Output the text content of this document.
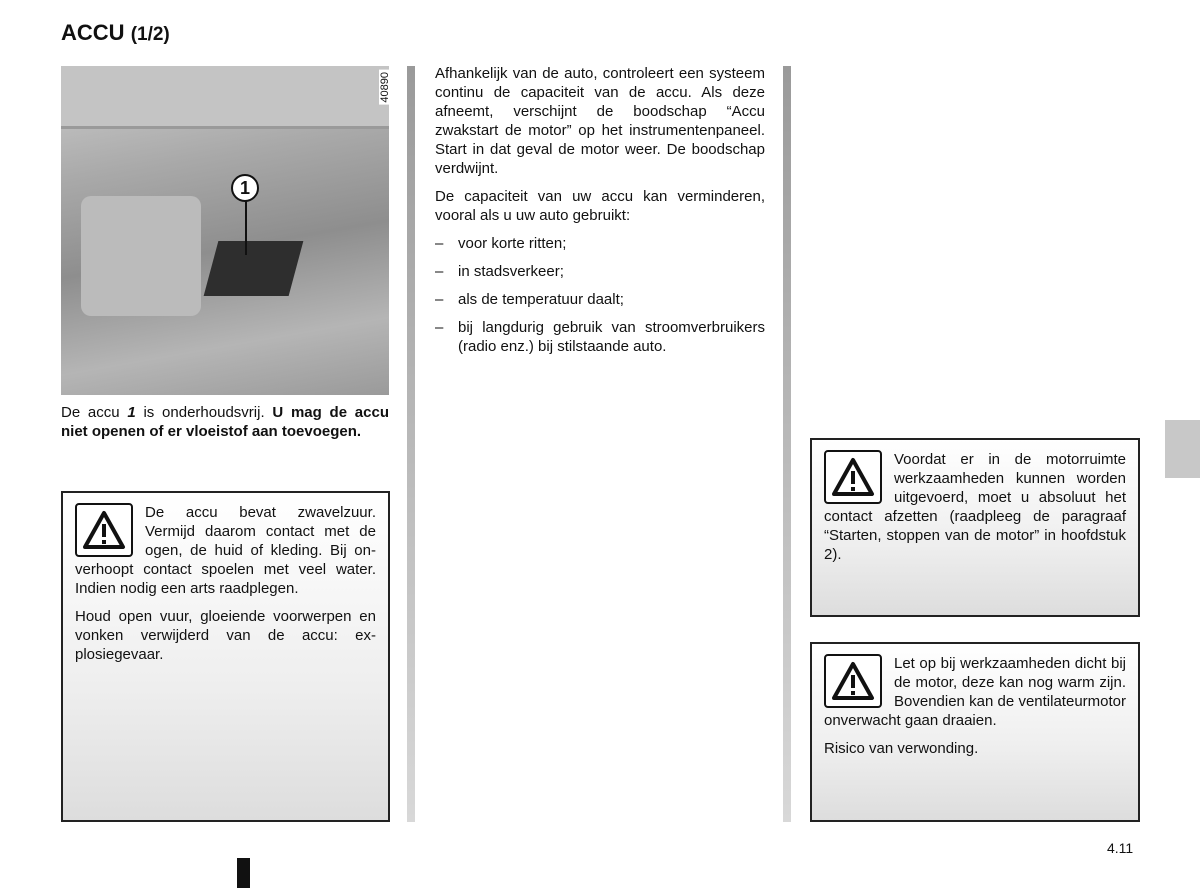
ACCU (1/2)
40890
1
De accu 1 is onderhoudsvrij. U mag de accu niet openen of er vloeistof aan toevoegen.

De accu bevat zwavelzuur. Vermijd daarom contact met de ogen, de huid of kleding. Bij onverhoopt contact spoelen met veel water. Indien nodig een arts raadplegen.

Houd open vuur, gloeiende voorwerpen en vonken verwijderd van de accu: explosiegevaar.

Afhankelijk van de auto, controleert een systeem continu de capaciteit van de accu. Als deze afneemt, verschijnt de boodschap “Accu zwakstart de motor” op het instrumentenpaneel. Start in dat geval de motor weer. De boodschap verdwijnt.

De capaciteit van uw accu kan verminderen, vooral als u uw auto gebruikt:

– voor korte ritten;
– in stadsverkeer;
– als de temperatuur daalt;
– bij langdurig gebruik van stroomverbruikers (radio enz.) bij stilstaande auto.

Voordat er in de motorruimte werkzaamheden kunnen worden uitgevoerd, moet u absoluut het contact afzetten (raadpleeg de paragraaf “Starten, stoppen van de motor” in hoofdstuk 2).

Let op bij werkzaamheden dicht bij de motor, deze kan nog warm zijn. Bovendien kan de ventilateurmotor onverwacht gaan draaien.

Risico van verwonding.

4.11
